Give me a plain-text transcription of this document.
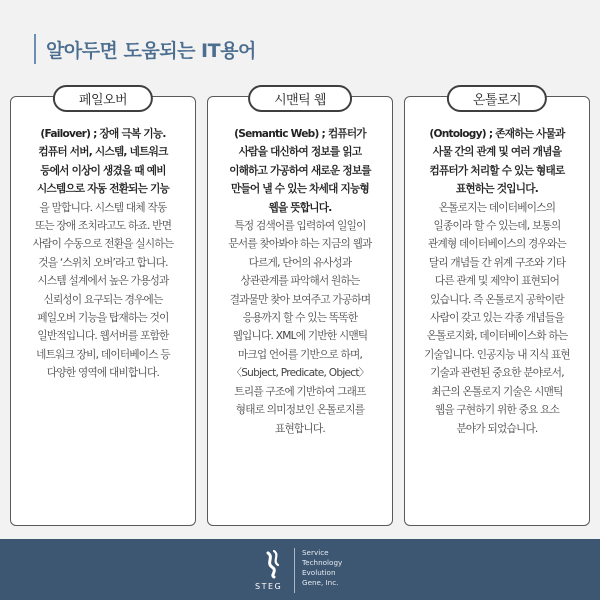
알아두면 도움되는 IT용어
페일오버
(Failover) ; 장애 극복 기능.
컴퓨터 서버, 시스템, 네트워크
등에서 이상이 생겼을 때 예비
시스템으로 자동 전환되는 기능
을 말합니다. 시스템 대체 작동
또는 장애 조치라고도 하죠. 반면
사람이 수동으로 전환을 실시하는
것을 ‘스위치 오버’라고 합니다.
시스템 설계에서 높은 가용성과
신뢰성이 요구되는 경우에는
페일오버 기능을 탑재하는 것이
일반적입니다. 웹서버를 포함한
네트워크 장비, 데이터베이스 등
다양한 영역에 대비합니다.
시맨틱 웹
(Semantic Web) ; 컴퓨터가
사람을 대신하여 정보를 읽고
이해하고 가공하여 새로운 정보를
만들어 낼 수 있는 차세대 지능형
웹을 뜻합니다.
특정 검색어를 입력하여 일일이
문서를 찾아봐야 하는 지금의 웹과
다르게, 단어의 유사성과
상관관계를 파악해서 원하는
결과물만 찾아 보여주고 가공하며
응용까지 할 수 있는 똑똑한
웹입니다. XML에 기반한 시맨틱
마크업 언어를 기반으로 하며,
〈Subject, Predicate, Object〉
트리플 구조에 기반하여 그래프
형태로 의미정보인 온톨로지를
표현합니다.
온톨로지
(Ontology) ; 존재하는 사물과
사물 간의 관계 및 여러 개념을
컴퓨터가 처리할 수 있는 형태로
표현하는 것입니다.
온톨로지는 데이터베이스의
일종이라 할 수 있는데, 보통의
관계형 데이터베이스의 경우와는
달리 개념들 간 위계 구조와 기타
다른 관계 및 제약이 표현되어
있습니다. 즉 온톨로지 공학이란
사람이 갖고 있는 각종 개념들을
온톨로지화, 데이터베이스화 하는
기술입니다. 인공지능 내 지식 표현
기술과 관련된 중요한 분야로서,
최근의 온톨로지 기술은 시맨틱
웹을 구현하기 위한 중요 요소
분야가 되었습니다.
STEG
Service
Technology
Evolution
Gene, Inc.
